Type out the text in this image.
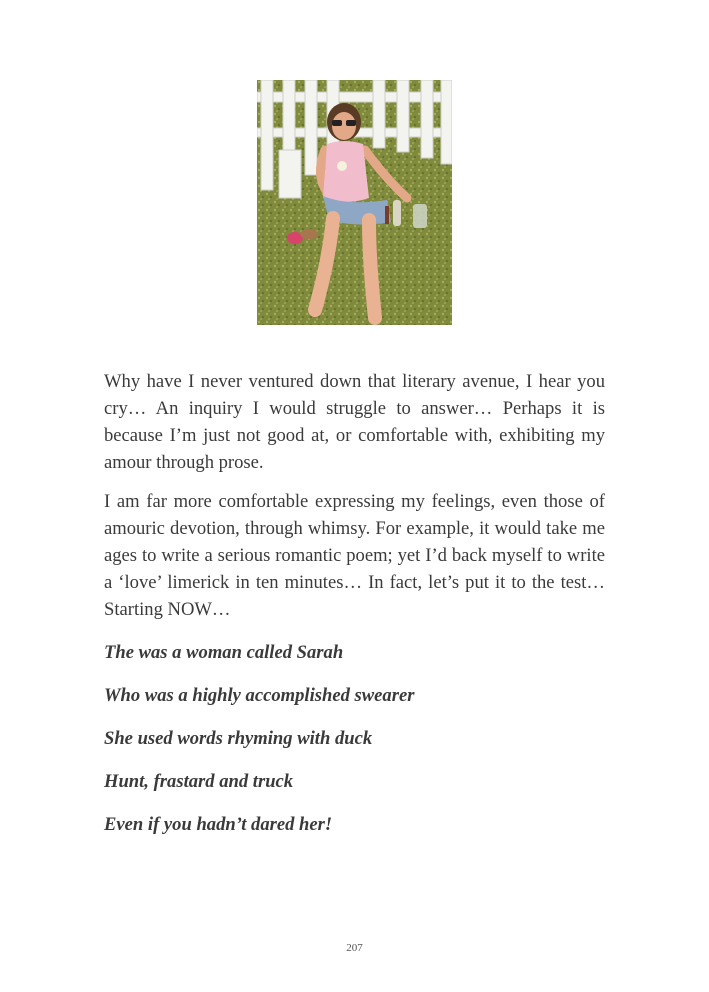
Why have I never ventured down that literary avenue, I hear you cry… An inquiry I would struggle to answer… Perhaps it is because I’m just not good at, or comfortable with, exhibiting my amour through prose.

I am far more comfortable expressing my feelings, even those of amouric devotion, through whimsy. For example, it would take me ages to write a serious romantic poem; yet I’d back myself to write a ‘love’ limerick in ten minutes… In fact, let’s put it to the test… Starting NOW…

The was a woman called Sarah

Who was a highly accomplished swearer

She used words rhyming with duck

Hunt, frastard and truck

Even if you hadn’t dared her!

207
